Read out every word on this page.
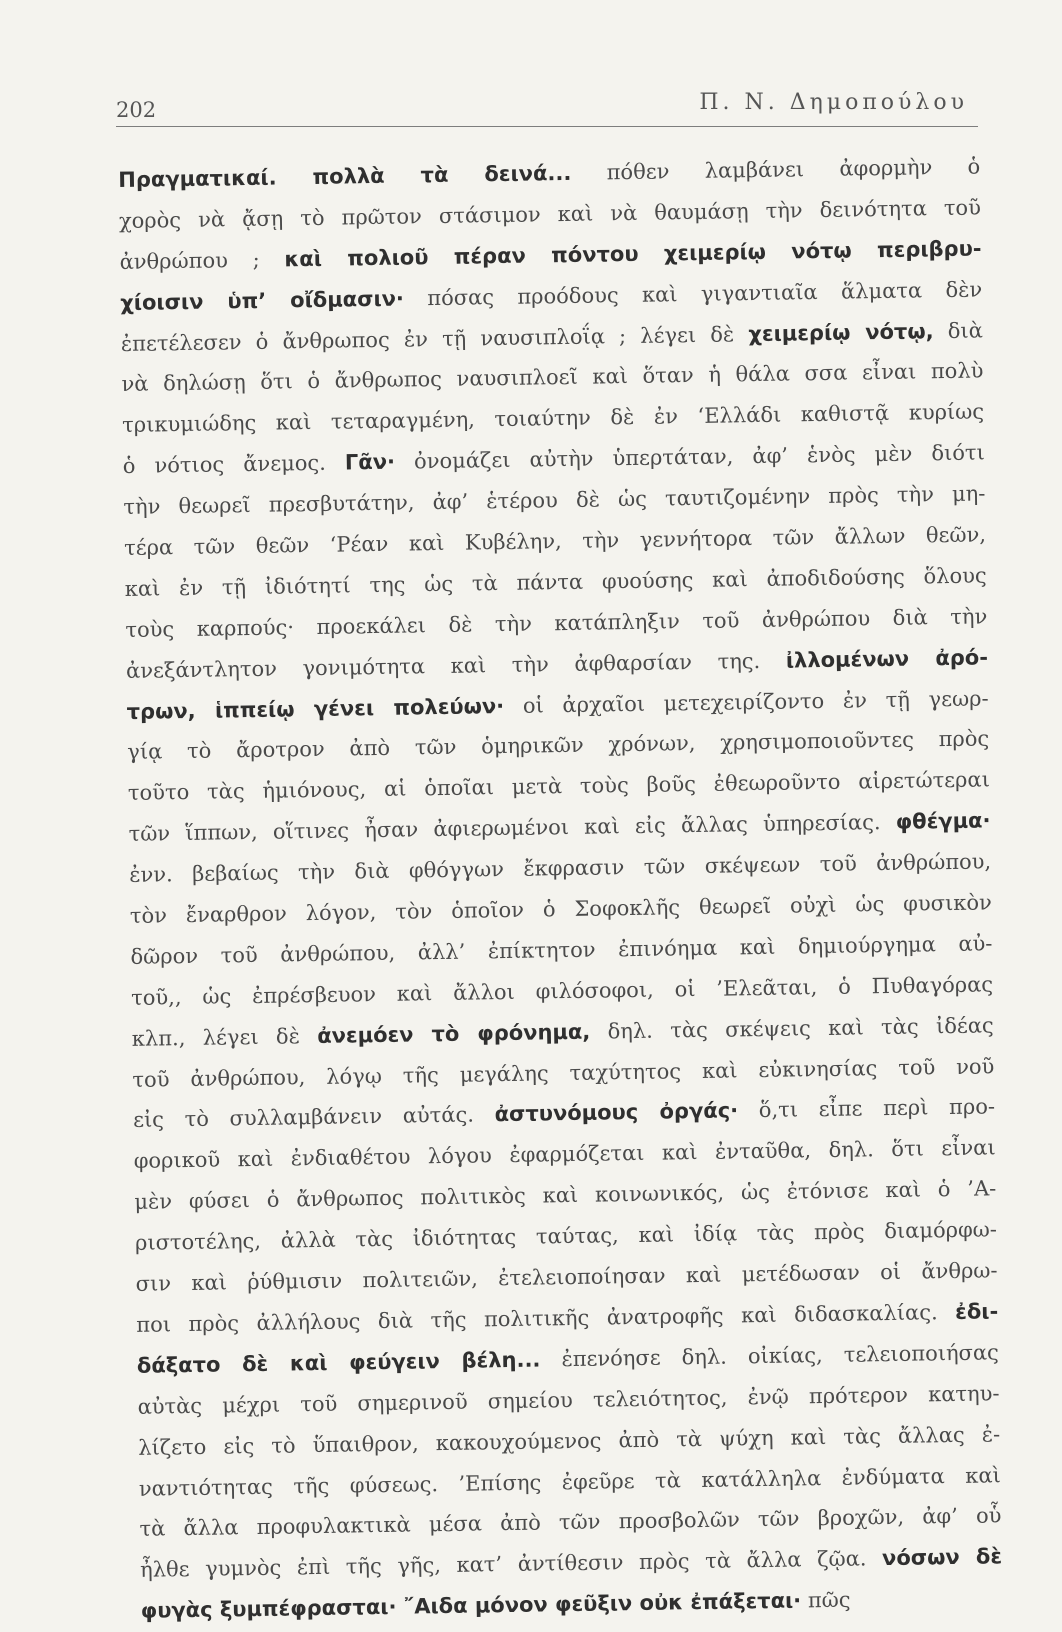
202	Π. Ν. Δημοπούλου
Πραγματικαί. πολλὰ τὰ δεινά... πόθεν λαμβάνει ἀφορμὴν ὁ
χορὸς νὰ ᾄσῃ τὸ πρῶτον στάσιμον καὶ νὰ θαυμάσῃ τὴν δεινότητα τοῦ
ἀνθρώπου ; καὶ πολιοῦ πέραν πόντου χειμερίῳ νότῳ περιβρυ-
χίοισιν ὑπ’ οἴδμασιν· πόσας προόδους καὶ γιγαντιαῖα ἅλματα δὲν
ἐπετέλεσεν ὁ ἄνθρωπος ἐν τῇ ναυσιπλοΐᾳ ; λέγει δὲ χειμερίῳ νότῳ, διὰ
νὰ δηλώσῃ ὅτι ὁ ἄνθρωπος ναυσιπλοεῖ καὶ ὅταν ἡ θάλα σσα εἶναι πολὺ
τρικυμιώδης καὶ τεταραγμένη, τοιαύτην δὲ ἐν ‘Ελλάδι καθιστᾷ κυρίως
ὁ νότιος ἄνεμος. Γᾶν· ὀνομάζει αὐτὴν ὑπερτάταν, ἀφ’ ἑνὸς μὲν διότι
τὴν θεωρεῖ πρεσβυτάτην, ἀφ’ ἑτέρου δὲ ὡς ταυτιζομένην πρὸς τὴν μη-
τέρα τῶν θεῶν ‘Ρέαν καὶ Κυβέλην, τὴν γεννήτορα τῶν ἄλλων θεῶν,
καὶ ἐν τῇ ἰδιότητί της ὡς τὰ πάντα φυούσης καὶ ἀποδιδούσης ὅλους
τοὺς καρπούς· προεκάλει δὲ τὴν κατάπληξιν τοῦ ἀνθρώπου διὰ τὴν
ἀνεξάντλητον γονιμότητα καὶ τὴν ἀφθαρσίαν της. ἰλλομένων ἀρό-
τρων, ἱππείῳ γένει πολεύων· οἱ ἀρχαῖοι μετεχειρίζοντο ἐν τῇ γεωρ-
γίᾳ τὸ ἄροτρον ἀπὸ τῶν ὁμηρικῶν χρόνων, χρησιμοποιοῦντες πρὸς
τοῦτο τὰς ἡμιόνους, αἱ ὁποῖαι μετὰ τοὺς βοῦς ἐθεωροῦντο αἱρετώτεραι
τῶν ἵππων, οἵτινες ἦσαν ἀφιερωμένοι καὶ εἰς ἄλλας ὑπηρεσίας. φθέγμα·
ἐνν. βεβαίως τὴν διὰ φθόγγων ἔκφρασιν τῶν σκέψεων τοῦ ἀνθρώπου,
τὸν ἔναρθρον λόγον, τὸν ὁποῖον ὁ Σοφοκλῆς θεωρεῖ οὐχὶ ὡς φυσικὸν
δῶρον τοῦ ἀνθρώπου, ἀλλ’ ἐπίκτητον ἐπινόημα καὶ δημιούργημα αὐ-
τοῦ,, ὡς ἐπρέσβευον καὶ ἄλλοι φιλόσοφοι, οἱ ’Ελεᾶται, ὁ Πυθαγόρας
κλπ., λέγει δὲ ἀνεμόεν τὸ φρόνημα, δηλ. τὰς σκέψεις καὶ τὰς ἰδέας
τοῦ ἀνθρώπου, λόγῳ τῆς μεγάλης ταχύτητος καὶ εὐκινησίας τοῦ νοῦ
εἰς τὸ συλλαμβάνειν αὐτάς. ἀστυνόμους ὀργάς· ὅ,τι εἶπε περὶ προ-
φορικοῦ καὶ ἐνδιαθέτου λόγου ἐφαρμόζεται καὶ ἐνταῦθα, δηλ. ὅτι εἶναι
μὲν φύσει ὁ ἄνθρωπος πολιτικὸς καὶ κοινωνικός, ὡς ἐτόνισε καὶ ὁ ’Α-
ριστοτέλης, ἀλλὰ τὰς ἰδιότητας ταύτας, καὶ ἰδίᾳ τὰς πρὸς διαμόρφω-
σιν καὶ ῥύθμισιν πολιτειῶν, ἐτελειοποίησαν καὶ μετέδωσαν οἱ ἄνθρω-
ποι πρὸς ἀλλήλους διὰ τῆς πολιτικῆς ἀνατροφῆς καὶ διδασκαλίας. ἐδι-
δάξατο δὲ καὶ φεύγειν βέλη... ἐπενόησε δηλ. οἰκίας, τελειοποιήσας
αὐτὰς μέχρι τοῦ σημερινοῦ σημείου τελειότητος, ἐνῷ πρότερον κατηυ-
λίζετο εἰς τὸ ὕπαιθρον, κακουχούμενος ἀπὸ τὰ ψύχη καὶ τὰς ἄλλας ἐ-
ναντιότητας τῆς φύσεως. ’Επίσης ἐφεῦρε τὰ κατάλληλα ἐνδύματα καὶ
τὰ ἄλλα προφυλακτικὰ μέσα ἀπὸ τῶν προσβολῶν τῶν βροχῶν, ἀφ’ οὗ
ἦλθε γυμνὸς ἐπὶ τῆς γῆς, κατ’ ἀντίθεσιν πρὸς τὰ ἄλλα ζῷα. νόσων δὲ
φυγὰς ξυμπέφρασται· ῎Αιδα μόνον φεῦξιν οὐκ ἐπάξεται· πῶς
